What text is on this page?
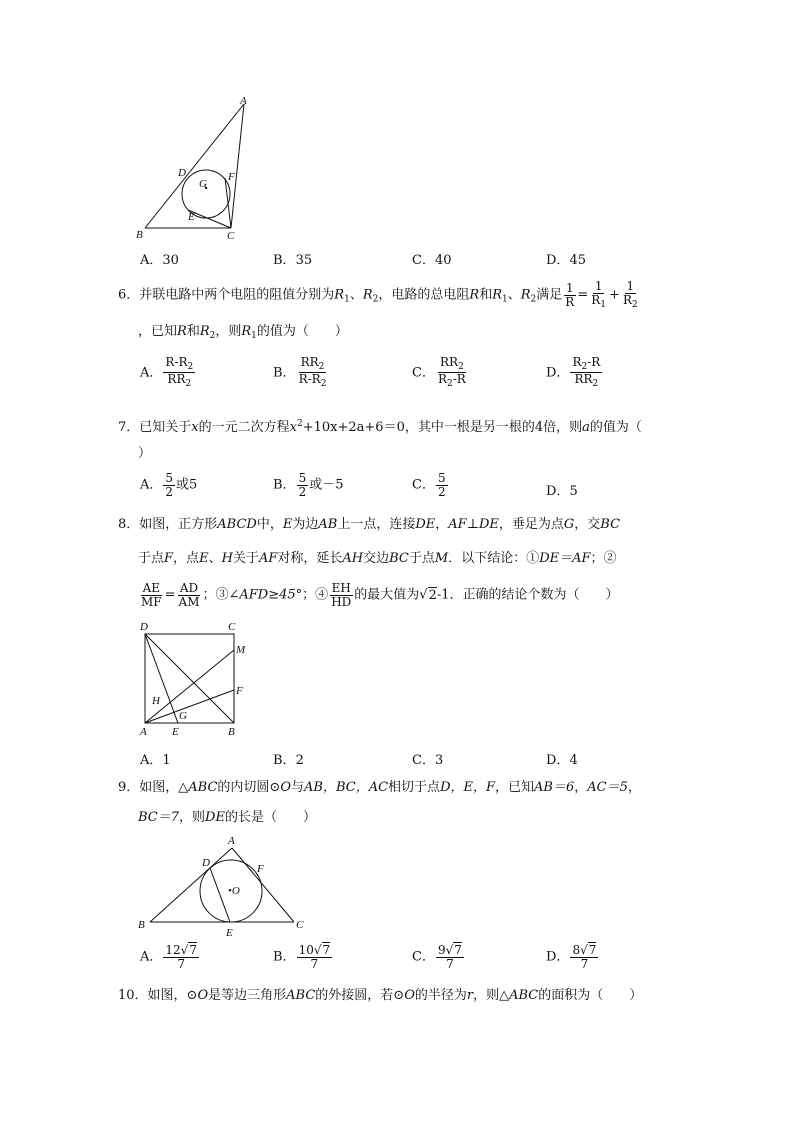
A
B	C
D
E
F
G
A．30	B．35	C．40	D．45
6．并联电路中两个电阻的阻值分别为$R_1$、$R_2$，电路的总电阻R和$R_1$、$R_2$满足 $\frac{1}{R} = \frac{1}{R_1} + \frac{1}{R_2}$
，已知R和$R_2$，则$R_1$的值为（　　）
A． $\frac{R-R_2}{RR_2}$	B． $\frac{RR_2}{R-R_2}$	C． $\frac{RR_2}{R_2-R}$	D． $\frac{R_2-R}{RR_2}$
7．已知关于x的一元二次方程$x^2+10x+2a+6=0$，其中一根是另一根的4倍，则a的值为（
）
A． $\frac{5}{2}$ 或5	B． $\frac{5}{2}$ 或－5	C． $\frac{5}{2}$	D．5
8．如图，正方形ABCD中，E为边AB上一点，连接DE，AF⊥DE，垂足为点G，交BC
于点F，点E、H关于AF对称，延长AH交边BC于点M．以下结论：①DE＝AF；②
$\frac{AE}{MF} = \frac{AD}{AM}$ ；③∠AFD≥45°；④ $\frac{EH}{HD}$ 的最大值为√2-1．正确的结论个数为（　　）
D	C
M
F
H
G
A E	B
A．1	B．2	C．3	D．4
9．如图，△ABC的内切圆⊙O与AB，BC，AC相切于点D，E，F，已知AB＝6，AC＝5，
BC＝7，则DE的长是（　　）
A
B	C
D
E
F
•O
A． $\frac{12√7}{7}$	B． $\frac{10√7}{7}$	C． $\frac{9√7}{7}$	D． $\frac{8√7}{7}$
10．如图，⊙O是等边三角形ABC的外接圆，若⊙O的半径为r，则△ABC的面积为（　　）
